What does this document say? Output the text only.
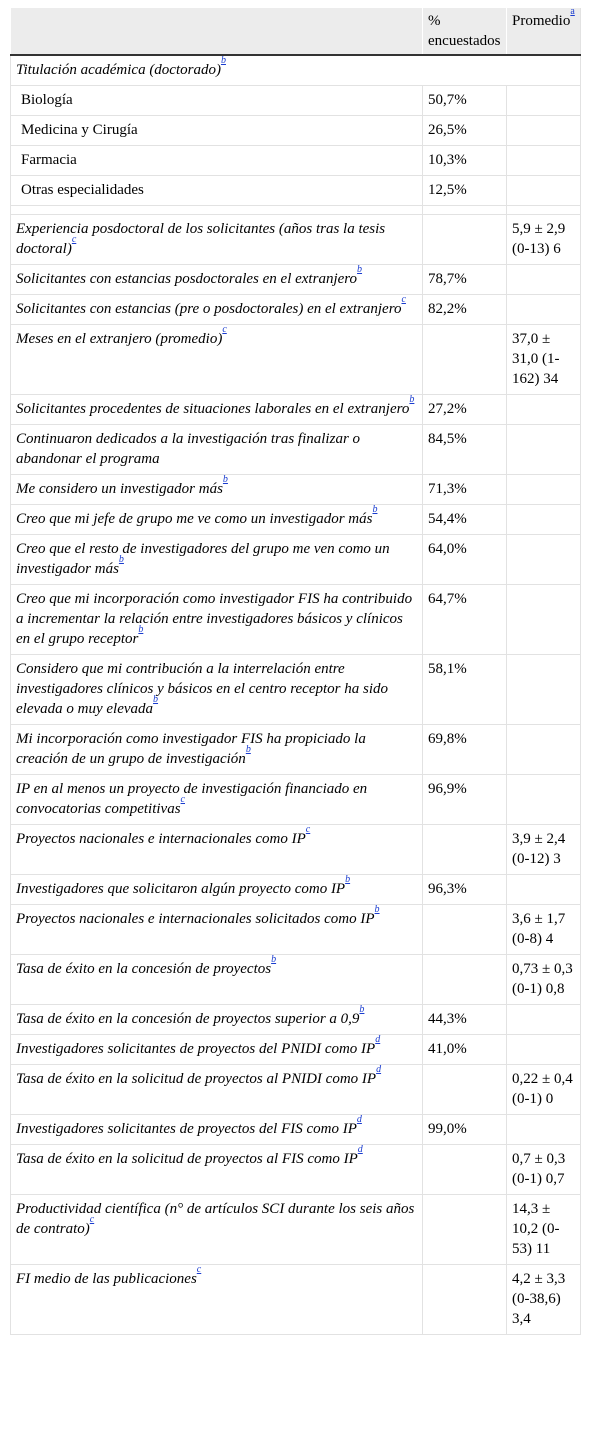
	% encuestados	Promedio$^{^a}$
Titulación académica (doctorado)$^{^b}$
Biología	50,7%	
Medicina y Cirugía	26,5%	
Farmacia	10,3%	
Otras especialidades	12,5%	

Experiencia posdoctoral de los solicitantes (años tras la tesis doctoral)$^{^c}$		5,9 ± 2,9 (0-13) 6
Solicitantes con estancias posdoctorales en el extranjero$^{^b}$	78,7%	
Solicitantes con estancias (pre o posdoctorales) en el extranjero$^{^c}$	82,2%	
Meses en el extranjero (promedio)$^{^c}$		37,0 ± 31,0 (1-162) 34
Solicitantes procedentes de situaciones laborales en el extranjero$^{^b}$	27,2%	
Continuaron dedicados a la investigación tras finalizar o abandonar el programa	84,5%	
Me considero un investigador más$^{^b}$	71,3%	
Creo que mi jefe de grupo me ve como un investigador más$^{^b}$	54,4%	
Creo que el resto de investigadores del grupo me ven como un investigador más$^{^b}$	64,0%	
Creo que mi incorporación como investigador FIS ha contribuido a incrementar la relación entre investigadores básicos y clínicos en el grupo receptor$^{^b}$	64,7%	
Considero que mi contribución a la interrelación entre investigadores clínicos y básicos en el centro receptor ha sido elevada o muy elevada$^{^b}$	58,1%	
Mi incorporación como investigador FIS ha propiciado la creación de un grupo de investigación$^{^b}$	69,8%	
IP en al menos un proyecto de investigación financiado en convocatorias competitivas$^{^c}$	96,9%	
Proyectos nacionales e internacionales como IP$^{^c}$		3,9 ± 2,4 (0-12) 3
Investigadores que solicitaron algún proyecto como IP$^{^b}$	96,3%	
Proyectos nacionales e internacionales solicitados como IP$^{^b}$		3,6 ± 1,7 (0-8) 4
Tasa de éxito en la concesión de proyectos$^{^b}$		0,73 ± 0,3 (0-1) 0,8
Tasa de éxito en la concesión de proyectos superior a 0,9$^{^b}$	44,3%	
Investigadores solicitantes de proyectos del PNIDI como IP$^{^d}$	41,0%	
Tasa de éxito en la solicitud de proyectos al PNIDI como IP$^{^d}$		0,22 ± 0,4 (0-1) 0
Investigadores solicitantes de proyectos del FIS como IP$^{^d}$	99,0%	
Tasa de éxito en la solicitud de proyectos al FIS como IP$^{^d}$		0,7 ± 0,3 (0-1) 0,7
Productividad científica (n° de artículos SCI durante los seis años de contrato)$^{^c}$		14,3 ± 10,2 (0-53) 11
FI medio de las publicaciones$^{^c}$		4,2 ± 3,3 (0-38,6) 3,4
